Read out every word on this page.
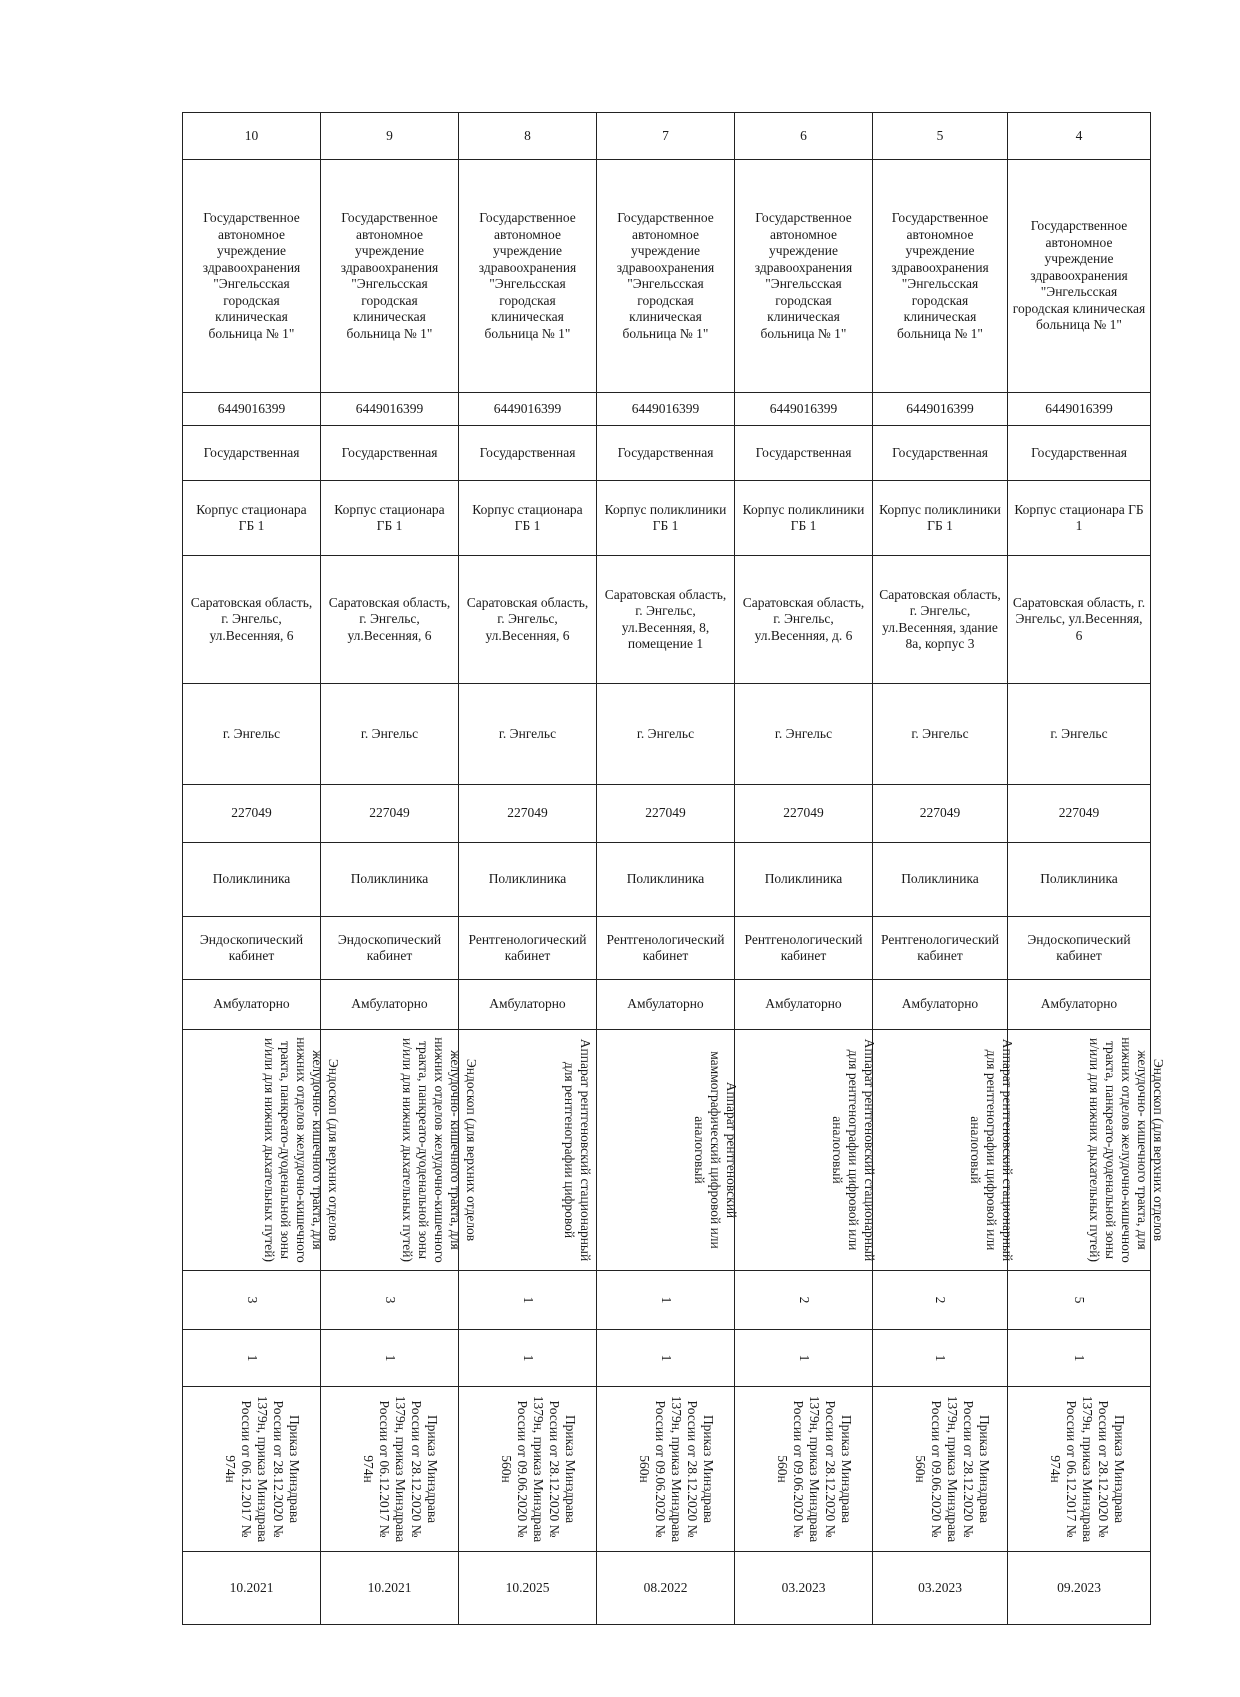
10	9	8	7	6	5	4
Государственное автономное учреждение здравоохранения "Энгельсская городская клиническая больница № 1"	Государственное автономное учреждение здравоохранения "Энгельсская городская клиническая больница № 1"	Государственное автономное учреждение здравоохранения "Энгельсская городская клиническая больница № 1"	Государственное автономное учреждение здравоохранения "Энгельсская городская клиническая больница № 1"	Государственное автономное учреждение здравоохранения "Энгельсская городская клиническая больница № 1"	Государственное автономное учреждение здравоохранения "Энгельсская городская клиническая больница № 1"	Государственное автономное учреждение здравоохранения "Энгельсская городская клиническая больница № 1"
6449016399	6449016399	6449016399	6449016399	6449016399	6449016399	6449016399
Государственная	Государственная	Государственная	Государственная	Государственная	Государственная	Государственная
Корпус стационара ГБ 1	Корпус стационара ГБ 1	Корпус стационара ГБ 1	Корпус поликлиники ГБ 1	Корпус поликлиники ГБ 1	Корпус поликлиники ГБ 1	Корпус стационара ГБ 1
Саратовская область, г. Энгельс, ул.Весенняя, 6	Саратовская область, г. Энгельс, ул.Весенняя, 6	Саратовская область, г. Энгельс, ул.Весенняя, 6	Саратовская область, г. Энгельс, ул.Весенняя, 8, помещение 1	Саратовская область, г. Энгельс, ул.Весенняя, д. 6	Саратовская область, г. Энгельс, ул.Весенняя, здание 8а, корпус 3	Саратовская область, г. Энгельс, ул.Весенняя, 6
г. Энгельс	г. Энгельс	г. Энгельс	г. Энгельс	г. Энгельс	г. Энгельс	г. Энгельс
227049	227049	227049	227049	227049	227049	227049
Поликлиника	Поликлиника	Поликлиника	Поликлиника	Поликлиника	Поликлиника	Поликлиника
Эндоскопический кабинет	Эндоскопический кабинет	Рентгенологический кабинет	Рентгенологический кабинет	Рентгенологический кабинет	Рентгенологический кабинет	Эндоскопический кабинет
Амбулаторно	Амбулаторно	Амбулаторно	Амбулаторно	Амбулаторно	Амбулаторно	Амбулаторно
Эндоскоп (для верхних отделов желудочно- кишечного тракта, для нижних отделов желудочно-кишечного тракта, панкреато-дуоденальной зоны и/или для нижних дыхательных путей)	Эндоскоп (для верхних отделов желудочно- кишечного тракта, для нижних отделов желудочно-кишечного тракта, панкреато-дуоденальной зоны и/или для нижних дыхательных путей)	Аппарат рентгеновский стационарный для рентгенографии цифровой	Аппарат рентгеновский маммографический цифровой или аналоговый	Аппарат рентгеновский стационарный для рентгенографии цифровой или аналоговый	Аппарат рентгеновский стационарный для рентгенографии цифровой или аналоговый	Эндоскоп (для верхних отделов желудочно- кишечного тракта, для нижних отделов желудочно-кишечного тракта, панкреато-дуоденальной зоны и/или для нижних дыхательных путей)
3	3	1	1	2	2	5
1	1	1	1	1	1	1
Приказ Минздрава России от 28.12.2020 № 1379н, приказ Минздрава России от 06.12.2017 № 974н	Приказ Минздрава России от 28.12.2020 № 1379н, приказ Минздрава России от 06.12.2017 № 974н	Приказ Минздрава России от 28.12.2020 № 1379н, приказ Минздрава России от 09.06.2020 № 560н	Приказ Минздрава России от 28.12.2020 № 1379н, приказ Минздрава России от 09.06.2020 № 560н	Приказ Минздрава России от 28.12.2020 № 1379н, приказ Минздрава России от 09.06.2020 № 560н	Приказ Минздрава России от 28.12.2020 № 1379н, приказ Минздрава России от 09.06.2020 № 560н	Приказ Минздрава России от 28.12.2020 № 1379н, приказ Минздрава России от 06.12.2017 № 974н
10.2021	10.2021	10.2025	08.2022	03.2023	03.2023	09.2023
